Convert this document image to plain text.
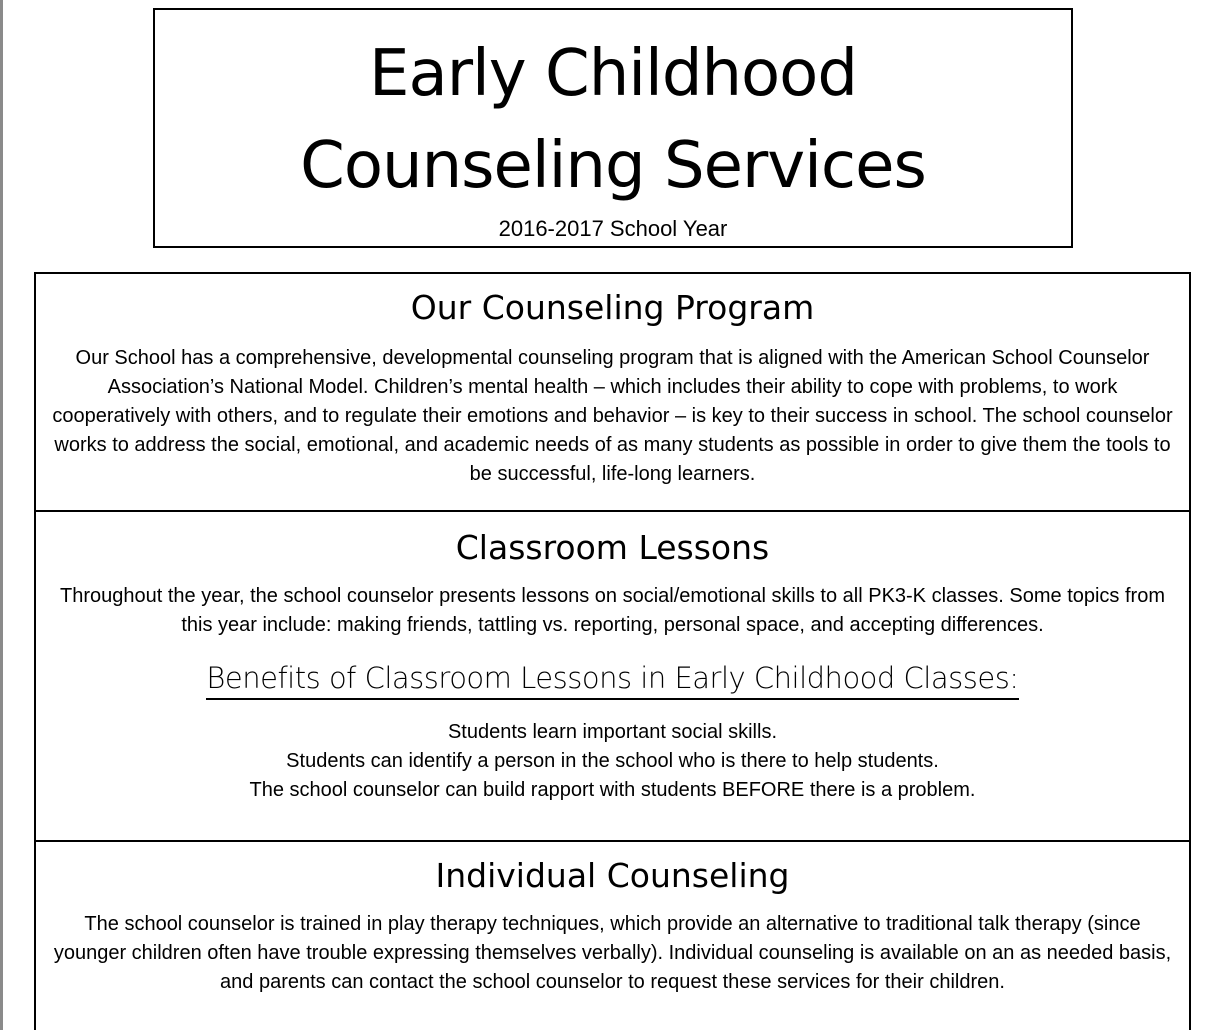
Early Childhood
Counseling Services
2016-2017 School Year
Our Counseling Program
Our School has a comprehensive, developmental counseling program that is aligned with the American School Counselor Association’s National Model. Children’s mental health – which includes their ability to cope with problems, to work cooperatively with others, and to regulate their emotions and behavior – is key to their success in school. The school counselor works to address the social, emotional, and academic needs of as many students as possible in order to give them the tools to be successful, life-long learners.
Classroom Lessons
Throughout the year, the school counselor presents lessons on social/emotional skills to all PK3-K classes. Some topics from this year include: making friends, tattling vs. reporting, personal space, and accepting differences.
Benefits of Classroom Lessons in Early Childhood Classes:
Students learn important social skills.
Students can identify a person in the school who is there to help students.
The school counselor can build rapport with students BEFORE there is a problem.
Individual Counseling
The school counselor is trained in play therapy techniques, which provide an alternative to traditional talk therapy (since younger children often have trouble expressing themselves verbally). Individual counseling is available on an as needed basis, and parents can contact the school counselor to request these services for their children.
